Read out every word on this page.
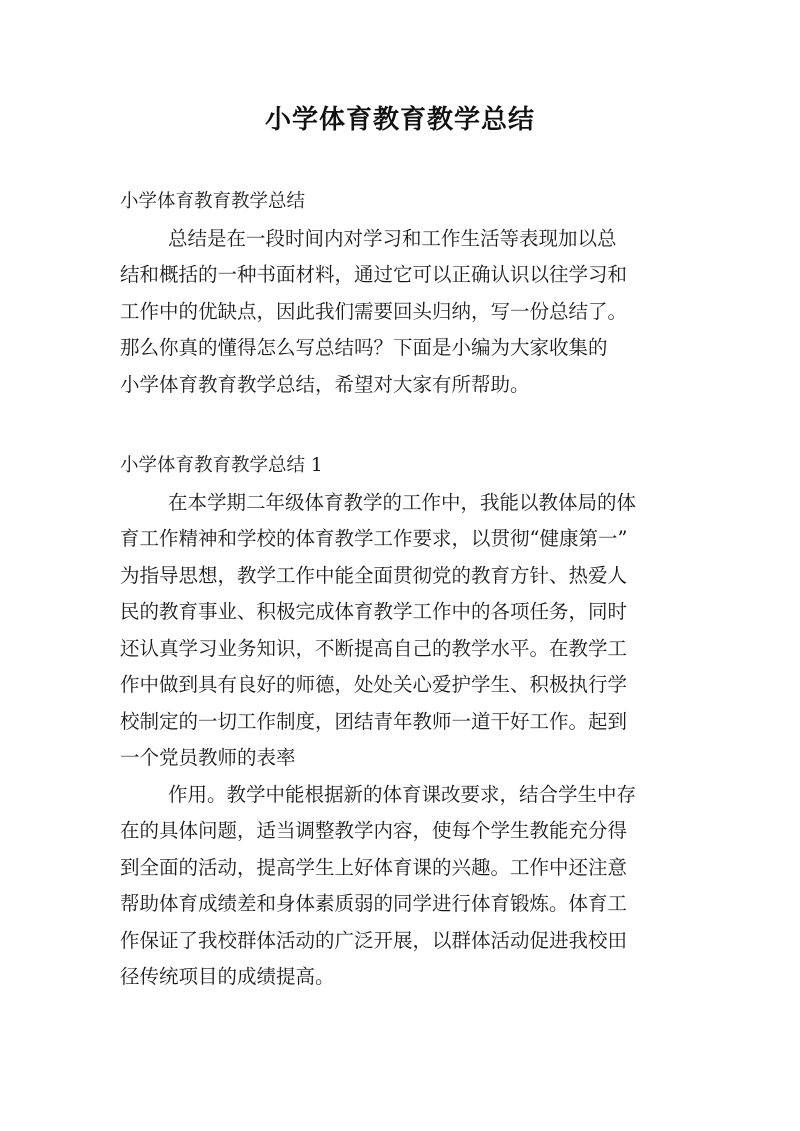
小学体育教育教学总结
小学体育教育教学总结
总结是在一段时间内对学习和工作生活等表现加以总
结和概括的一种书面材料，通过它可以正确认识以往学习和
工作中的优缺点，因此我们需要回头归纳，写一份总结了。
那么你真的懂得怎么写总结吗？下面是小编为大家收集的
小学体育教育教学总结，希望对大家有所帮助。
小学体育教育教学总结 1
在本学期二年级体育教学的工作中，我能以教体局的体
育工作精神和学校的体育教学工作要求，以贯彻“健康第一”
为指导思想，教学工作中能全面贯彻党的教育方针、热爱人
民的教育事业、积极完成体育教学工作中的各项任务，同时
还认真学习业务知识，不断提高自己的教学水平。在教学工
作中做到具有良好的师德，处处关心爱护学生、积极执行学
校制定的一切工作制度，团结青年教师一道干好工作。起到
一个党员教师的表率
作用。教学中能根据新的体育课改要求，结合学生中存
在的具体问题，适当调整教学内容，使每个学生教能充分得
到全面的活动，提高学生上好体育课的兴趣。工作中还注意
帮助体育成绩差和身体素质弱的同学进行体育锻炼。体育工
作保证了我校群体活动的广泛开展，以群体活动促进我校田
径传统项目的成绩提高。
